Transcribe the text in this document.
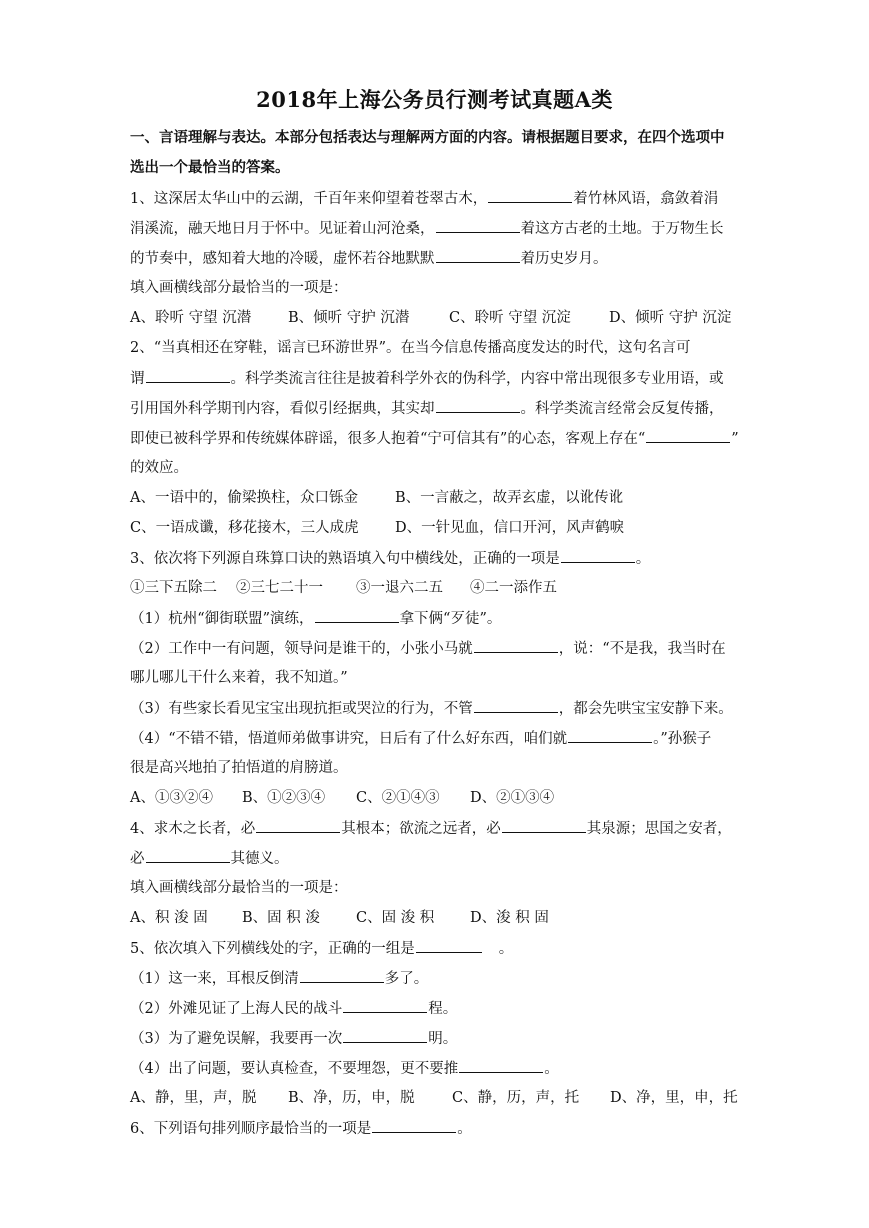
2018年上海公务员行测考试真题A类
一、言语理解与表达。本部分包括表达与理解两方面的内容。请根据题目要求，在四个选项中
选出一个最恰当的答案。
1、这深居太华山中的云湖，千百年来仰望着苍翠古木，	着竹林风语，翕敛着涓
涓溪流，融天地日月于怀中。见证着山河沧桑，	着这方古老的土地。于万物生长
的节奏中，感知着大地的冷暖，虚怀若谷地默默	着历史岁月。
填入画横线部分最恰当的一项是：
A、聆听 守望 沉潜	B、倾听 守护 沉潜	C、聆听 守望 沉淀	D、倾听 守护 沉淀
2、“当真相还在穿鞋，谣言已环游世界”。在当今信息传播高度发达的时代，这句名言可
谓	。科学类流言往往是披着科学外衣的伪科学，内容中常出现很多专业用语，或
引用国外科学期刊内容，看似引经据典，其实却	。科学类流言经常会反复传播，
即使已被科学界和传统媒体辟谣，很多人抱着“宁可信其有”的心态，客观上存在“	”
的效应。
A、一语中的，偷梁换柱，众口铄金	B、一言蔽之，故弄玄虚，以讹传讹
C、一语成谶，移花接木，三人成虎	D、一针见血，信口开河，风声鹤唳
3、依次将下列源自珠算口诀的熟语填入句中横线处，正确的一项是	。
①三下五除二 ②三七二十一 ③一退六二五 ④二一添作五
（1）杭州“御街联盟”演练，	拿下俩“歹徒”。
（2）工作中一有问题，领导问是谁干的，小张小马就	，说：“不是我，我当时在
哪儿哪儿干什么来着，我不知道。”
（3）有些家长看见宝宝出现抗拒或哭泣的行为，不管	，都会先哄宝宝安静下来。
（4）“不错不错，悟道师弟做事讲究，日后有了什么好东西，咱们就	。”孙猴子
很是高兴地拍了拍悟道的肩膀道。
A、①③②④ B、①②③④ C、②①④③ D、②①③④
4、求木之长者，必	其根本；欲流之远者，必	其泉源；思国之安者，
必	其德义。
填入画横线部分最恰当的一项是：
A、积 浚 固 B、固 积 浚 C、固 浚 积 D、浚 积 固
5、依次填入下列横线处的字，正确的一组是	。
（1）这一来，耳根反倒清	多了。
（2）外滩见证了上海人民的战斗	程。
（3）为了避免误解，我要再一次	明。
（4）出了问题，要认真检查，不要埋怨，更不要推	。
A、静，里，声，脱 B、净，历，申，脱	C、静，历，声，托 D、净，里，申，托
6、下列语句排列顺序最恰当的一项是	。
